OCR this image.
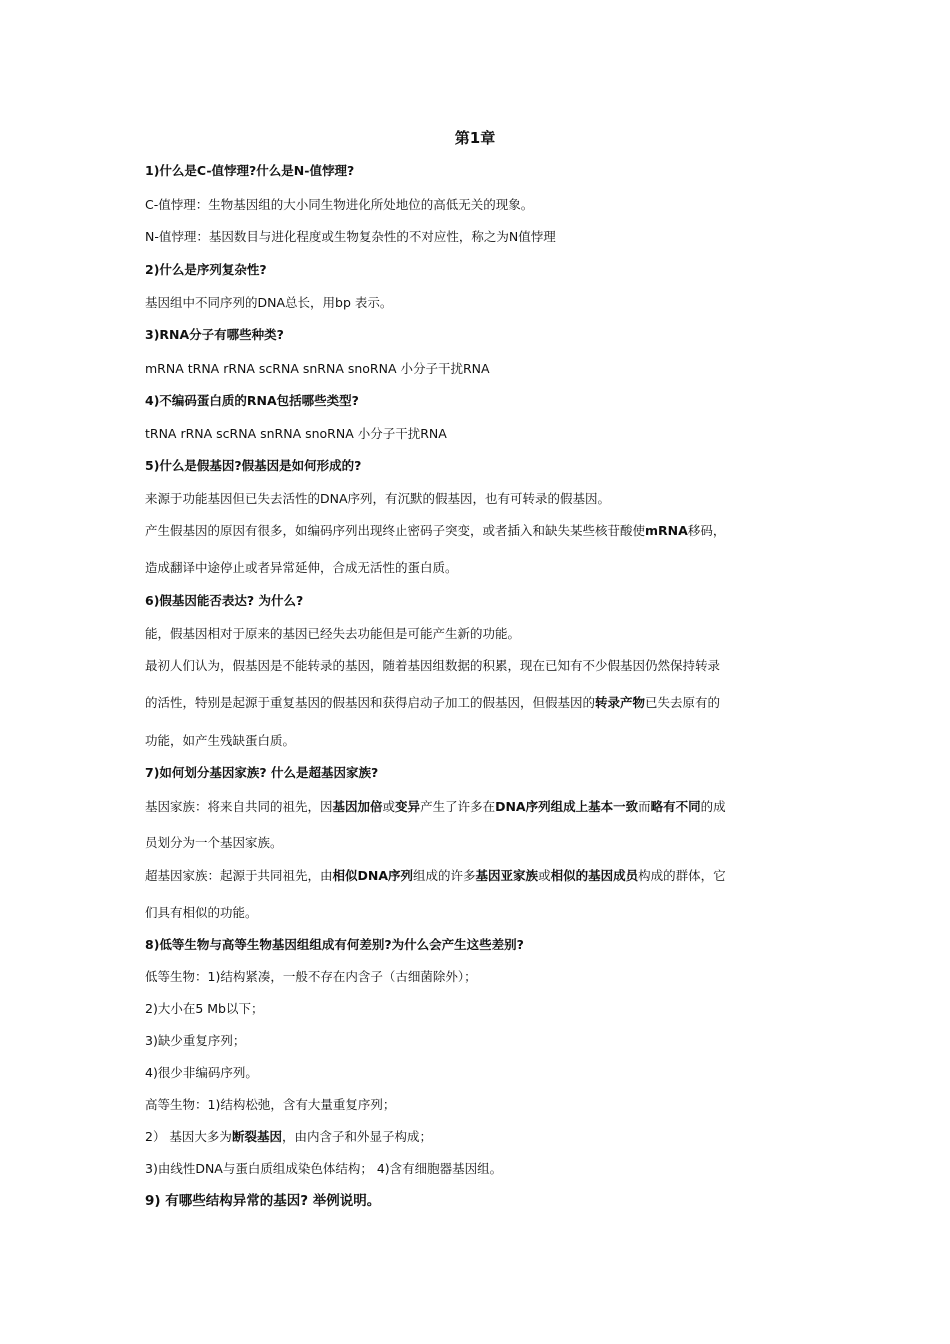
第1章

1)什么是C-值悖理?什么是N-值悖理?

C-值悖理：生物基因组的大小同生物进化所处地位的高低无关的现象。

N-值悖理：基因数目与进化程度或生物复杂性的不对应性，称之为N值悖理

2)什么是序列复杂性?

基因组中不同序列的DNA总长，用bp 表示。

3)RNA分子有哪些种类?

mRNA tRNA rRNA scRNA snRNA snoRNA 小分子干扰RNA

4)不编码蛋白质的RNA包括哪些类型?

tRNA rRNA scRNA snRNA snoRNA 小分子干扰RNA

5)什么是假基因?假基因是如何形成的?

来源于功能基因但已失去活性的DNA序列，有沉默的假基因，也有可转录的假基因。

产生假基因的原因有很多，如编码序列出现终止密码子突变，或者插入和缺失某些核苷酸使mRNA移码，

造成翻译中途停止或者异常延伸，合成无活性的蛋白质。

6)假基因能否表达? 为什么?

能，假基因相对于原来的基因已经失去功能但是可能产生新的功能。

最初人们认为，假基因是不能转录的基因，随着基因组数据的积累，现在已知有不少假基因仍然保持转录

的活性，特别是起源于重复基因的假基因和获得启动子加工的假基因，但假基因的转录产物已失去原有的

功能，如产生残缺蛋白质。

7)如何划分基因家族? 什么是超基因家族?

基因家族：将来自共同的祖先，因基因加倍或变异产生了许多在DNA序列组成上基本一致而略有不同的成

员划分为一个基因家族。

超基因家族：起源于共同祖先，由相似DNA序列组成的许多基因亚家族或相似的基因成员构成的群体，它

们具有相似的功能。

8)低等生物与高等生物基因组组成有何差别?为什么会产生这些差别?

低等生物：1)结构紧凑，一般不存在内含子（古细菌除外）；

2)大小在5 Mb以下；

3)缺少重复序列；

4)很少非编码序列。

高等生物：1)结构松弛，含有大量重复序列；

2） 基因大多为断裂基因，由内含子和外显子构成；

3)由线性DNA与蛋白质组成染色体结构； 4)含有细胞器基因组。

9) 有哪些结构异常的基因? 举例说明。
